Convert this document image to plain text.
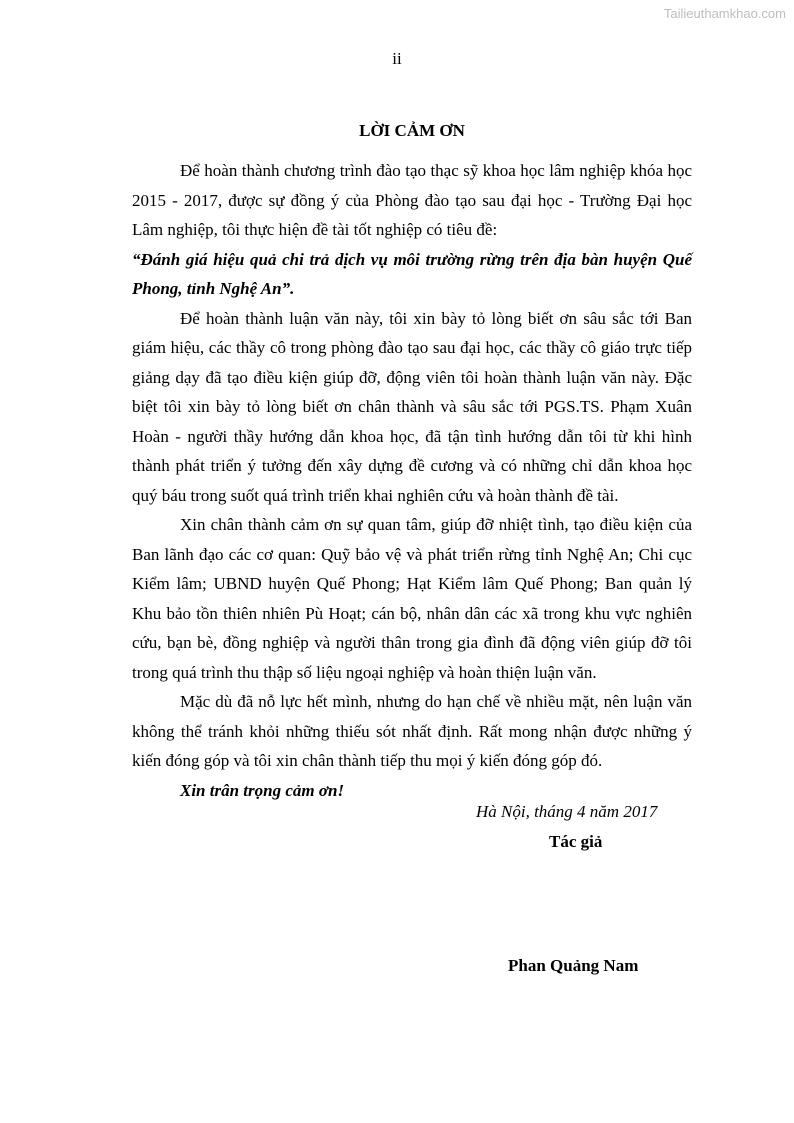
Tailieuthamkhao.com
ii
LỜI CẢM ƠN

Để hoàn thành chương trình đào tạo thạc sỹ khoa học lâm nghiệp khóa học 2015 - 2017, được sự đồng ý của Phòng đào tạo sau đại học - Trường Đại học Lâm nghiệp, tôi thực hiện đề tài tốt nghiệp có tiêu đề:

“Đánh giá hiệu quả chi trả dịch vụ môi trường rừng trên địa bàn huyện Quế Phong, tỉnh Nghệ An”.

Để hoàn thành luận văn này, tôi xin bày tỏ lòng biết ơn sâu sắc tới Ban giám hiệu, các thầy cô trong phòng đào tạo sau đại học, các thầy cô giáo trực tiếp giảng dạy đã tạo điều kiện giúp đỡ, động viên tôi hoàn thành luận văn này. Đặc biệt tôi xin bày tỏ lòng biết ơn chân thành và sâu sắc tới PGS.TS. Phạm Xuân Hoàn - người thầy hướng dẫn khoa học, đã tận tình hướng dẫn tôi từ khi hình thành phát triển ý tưởng đến xây dựng đề cương và có những chỉ dẫn khoa học quý báu trong suốt quá trình triển khai nghiên cứu và hoàn thành đề tài.

Xin chân thành cảm ơn sự quan tâm, giúp đỡ nhiệt tình, tạo điều kiện của Ban lãnh đạo các cơ quan: Quỹ bảo vệ và phát triển rừng tỉnh Nghệ An; Chi cục Kiểm lâm; UBND huyện Quế Phong; Hạt Kiểm lâm Quế Phong; Ban quản lý Khu bảo tồn thiên nhiên Pù Hoạt; cán bộ, nhân dân các xã trong khu vực nghiên cứu, bạn bè, đồng nghiệp và người thân trong gia đình đã động viên giúp đỡ tôi trong quá trình thu thập số liệu ngoại nghiệp và hoàn thiện luận văn.

Mặc dù đã nỗ lực hết mình, nhưng do hạn chế về nhiều mặt, nên luận văn không thể tránh khỏi những thiếu sót nhất định. Rất mong nhận được những ý kiến đóng góp và tôi xin chân thành tiếp thu mọi ý kiến đóng góp đó.

Xin trân trọng cảm ơn!

Hà Nội, tháng 4 năm 2017
Tác giả
Phan Quảng Nam
